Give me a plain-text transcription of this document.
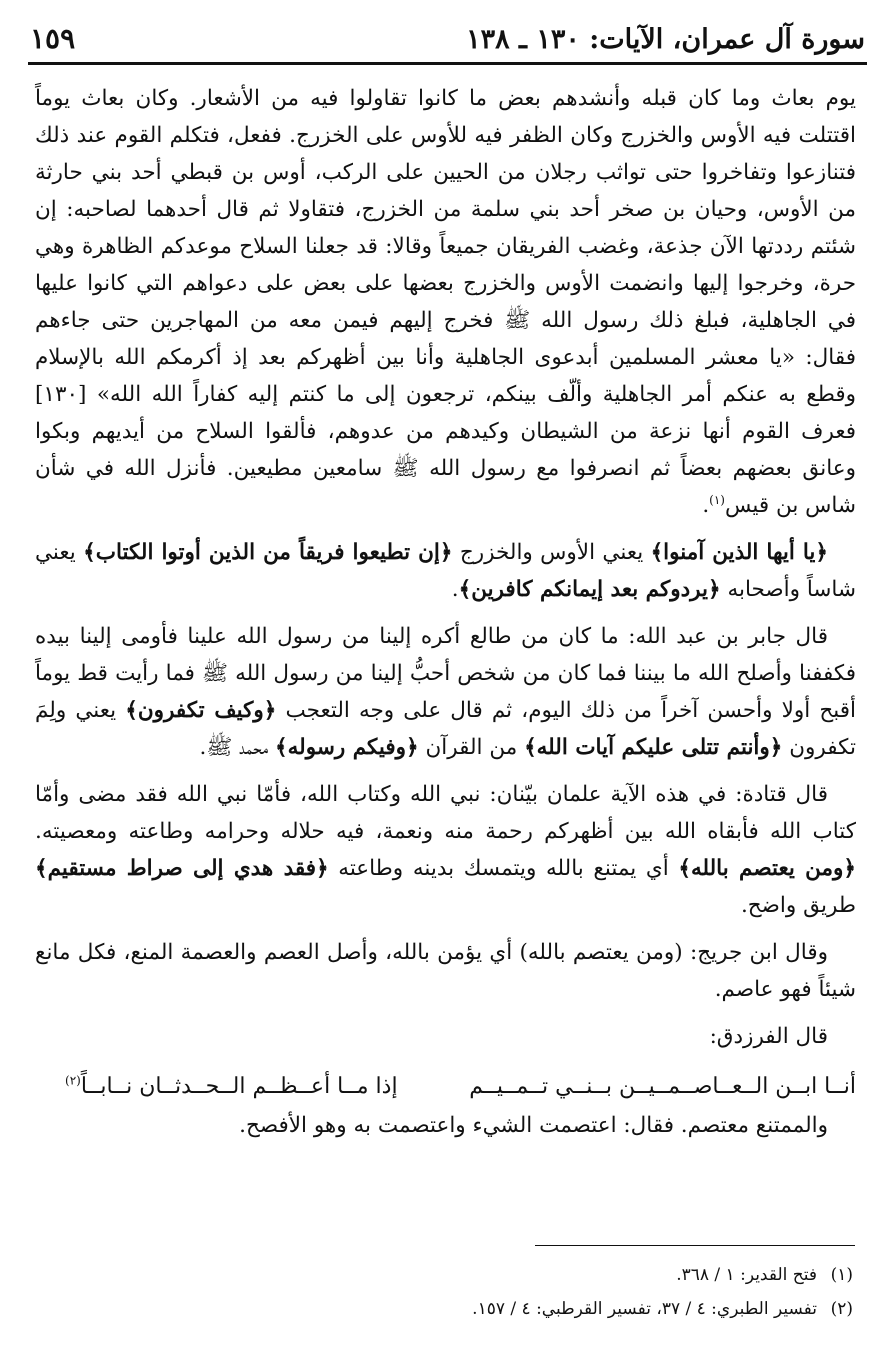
سورة آل عمران، الآيات: ١٣٠ ـ ١٣٨
١٥٩

يوم بعاث وما كان قبله وأنشدهم بعض ما كانوا تقاولوا فيه من الأشعار. وكان بعاث يوماً اقتتلت فيه الأوس والخزرج وكان الظفر فيه للأوس على الخزرج. ففعل، فتكلم القوم عند ذلك فتنازعوا وتفاخروا حتى تواثب رجلان من الحيين على الركب، أوس بن قبطي أحد بني حارثة من الأوس، وحيان بن صخر أحد بني سلمة من الخزرج، فتقاولا ثم قال أحدهما لصاحبه: إن شئتم رددتها الآن جذعة، وغضب الفريقان جميعاً وقالا: قد جعلنا السلاح موعدكم الظاهرة وهي حرة، وخرجوا إليها وانضمت الأوس والخزرج بعضها على بعض على دعواهم التي كانوا عليها في الجاهلية، فبلغ ذلك رسول الله ﷺ فخرج إليهم فيمن معه من المهاجرين حتى جاءهم فقال: «يا معشر المسلمين أبدعوى الجاهلية وأنا بين أظهركم بعد إذ أكرمكم الله بالإسلام وقطع به عنكم أمر الجاهلية وألّف بينكم، ترجعون إلى ما كنتم إليه كفاراً الله الله» [١٣٠] فعرف القوم أنها نزعة من الشيطان وكيدهم من عدوهم، فألقوا السلاح من أيديهم وبكوا وعانق بعضهم بعضاً ثم انصرفوا مع رسول الله ﷺ سامعين مطيعين. فأنزل الله في شأن شاس بن قيس$^{(١)}$.

﴿يا أيها الذين آمنوا﴾ يعني الأوس والخزرج ﴿إن تطيعوا فريقاً من الذين أوتوا الكتاب﴾ يعني شاساً وأصحابه ﴿يردوكم بعد إيمانكم كافرين﴾.

قال جابر بن عبد الله: ما كان من طالع أكره إلينا من رسول الله علينا فأومى إلينا بيده فكففنا وأصلح الله ما بيننا فما كان من شخص أحبُّ إلينا من رسول الله ﷺ فما رأيت قط يوماً أقبح أولا وأحسن آخراً من ذلك اليوم، ثم قال على وجه التعجب ﴿وكيف تكفرون﴾ يعني ولِمَ تكفرون ﴿وأنتم تتلى عليكم آيات الله﴾ من القرآن ﴿وفيكم رسوله﴾ محمد ﷺ.

قال قتادة: في هذه الآية علمان بيّنان: نبي الله وكتاب الله، فأمّا نبي الله فقد مضى وأمّا كتاب الله فأبقاه الله بين أظهركم رحمة منه ونعمة، فيه حلاله وحرامه وطاعته ومعصيته. ﴿ومن يعتصم بالله﴾ أي يمتنع بالله ويتمسك بدينه وطاعته ﴿فقد هدي إلى صراط مستقيم﴾ طريق واضح.

وقال ابن جريج: (ومن يعتصم بالله) أي يؤمن بالله، وأصل العصم والعصمة المنع، فكل مانع شيئاً فهو عاصم.

قال الفرزدق:

أنــا ابــن الــعــاصــمــيــن بــنــي تــمــيــم
إذا مــا أعــظــم الــحــدثــان نــابــاً$^{(٢)}$

والممتنع معتصم. فقال: اعتصمت الشيء واعتصمت به وهو الأفصح.

(١)فتح القدير: ١ / ٣٦٨.

(٢)تفسير الطبري: ٤ / ٣٧، تفسير القرطبي: ٤ / ١٥٧.
